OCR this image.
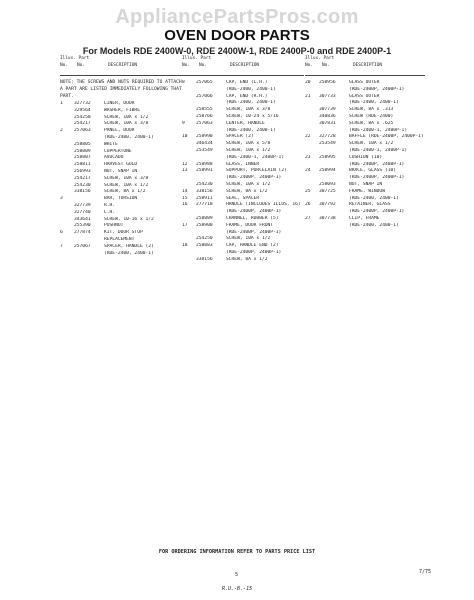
AppliancePartsPros.com
OVEN DOOR PARTS
For Models RDE 2400W-0, RDE 2400W-1, RDE 2400P-0 and RDE 2400P-1
Illus. Part
No. No.	DESCRIPTION
NOTE: THE SCREWS AND NUTS REQUIRED TO ATTACH A PART ARE LISTED IMMEDIATELY FOLLOWING THAT PART.
1	327732	LINER, DOOR
329564	WASHER, FIBRE
254250	SCREW, 10A x 1/2
254217	SCREW, 10A x 3/8
2	257063	PANEL, DOOR
(RDE-2400, 2400-1)
258805	WHITE
258809	COPPERTONE
258807	AVOCADO
258811	HARVEST GOLD
256993	NUT, SNAP IN
254217	SCREW, 10A x 3/8
254230	SCREW, 10A x 1/2
338156	SCREW, 8A x 1/2
3	BAR, TORSION
327739	R.H.
327740	L.H.
343641	SCREW, 10-16 x 1/2
255390	PUSHNUT
6	277874	KIT, DOOR STOP
REPLACEMENT
7	257067	SPACER, HANDLE (2)
(RDE-2400, 2400-1)
Illus. Part
No. No.	DESCRIPTION
8	257065	CAP, END (L.H.)
(RDE-2400, 2400-1)
257066	CAP, END (R.H.)
(RDE-2400, 2400-1)
258555	SCREW, 10A x 3/8
258766	SCREW, 10-24 x 5/16
9	257063	CENTER, HANDLE
(RDE-2400, 2400-1)
10	258990	SPACER (2)
346434	SCREW, 10A x 5/8
253549	SCREW, 10A x 1/2
(RDE-2400-1, 2400P-1)
12	258988	GLASS, INNER
13	258991	SUPPORT, PORCELAIN (2)
(RDE-2400P, 2400P-1)
254230	SCREW, 10A x 1/2
14	338156	SCREW, 8A x 1/2
15	258911	SEAL, SPACER
16	277718	HANDLE (INCLUDES ILLUS. 16)
(RDE-2400P, 2400P-1)
258889	CHANNEL, RUBBER (5)
17	258900	FRAME, DOOR FRONT
(RDE-2400P, 2400P-1)
254250	SCREW, 10A x 1/2
18	258883	CAP, HANDLE END (2)
(RDE-2400P, 2400P-1)
338156	SCREW, 8A x 1/2
Illus. Part
No. No.	DESCRIPTION
20	258956	GLASS OUTER
(RDE-2400P, 2400P-1)
21	307733	GLASS OUTER
(RDE-2400, 2400-1)
307739	SCREW, 8A x .313
340836	SCREW (RDE-2400)
307831	SCREW, 8A x .625
(RDE-2400-1, 2400P-1)
22	327728	BAFFLE (RDE-2400P, 2400P-1)
253549	SCREW, 10A x 1/2
(RDE-2400-1, 2400P-1)
23	258995	CUSHION (10)
(RDE-2400P, 2400P-1)
24	258994	BRACE, GLASS (10)
(RDE-2400P, 2400P-1)
258093	NUT, SNAP IN
25	307725	FRAME, WINDOW
(RDE-2400, 2400-1)
26	307792	RETAINER, GLASS
(RDE-2400P, 2400P-1)
27	307738	CLIP, FRAME
(RDE-2400, 2400-1)
FOR ORDERING INFORMATION REFER TO PARTS PRICE LIST
7/75
5
R.U.-B.-15
